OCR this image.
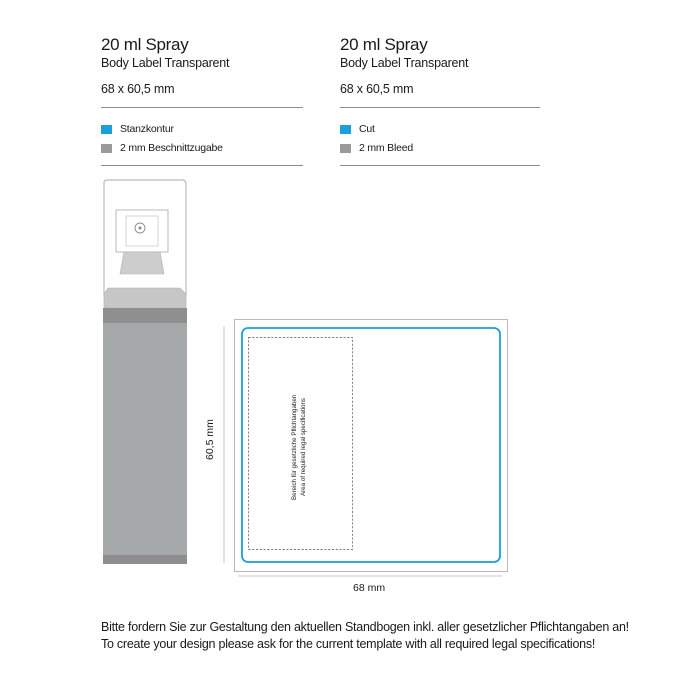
20 ml Spray
Body Label Transparent
68 x 60,5 mm
Stanzkontur
2 mm Beschnittzugabe
20 ml Spray
Body Label Transparent
68 x 60,5 mm
Cut
2 mm Bleed
Bereich für gesetzliche Pflichtangaben Area of required legal specifications
60,5 mm
68 mm
Bitte fordern Sie zur Gestaltung den aktuellen Standbogen inkl. aller gesetzlicher Pflichtangaben an!
To create your design please ask for the current template with all required legal specifications!
